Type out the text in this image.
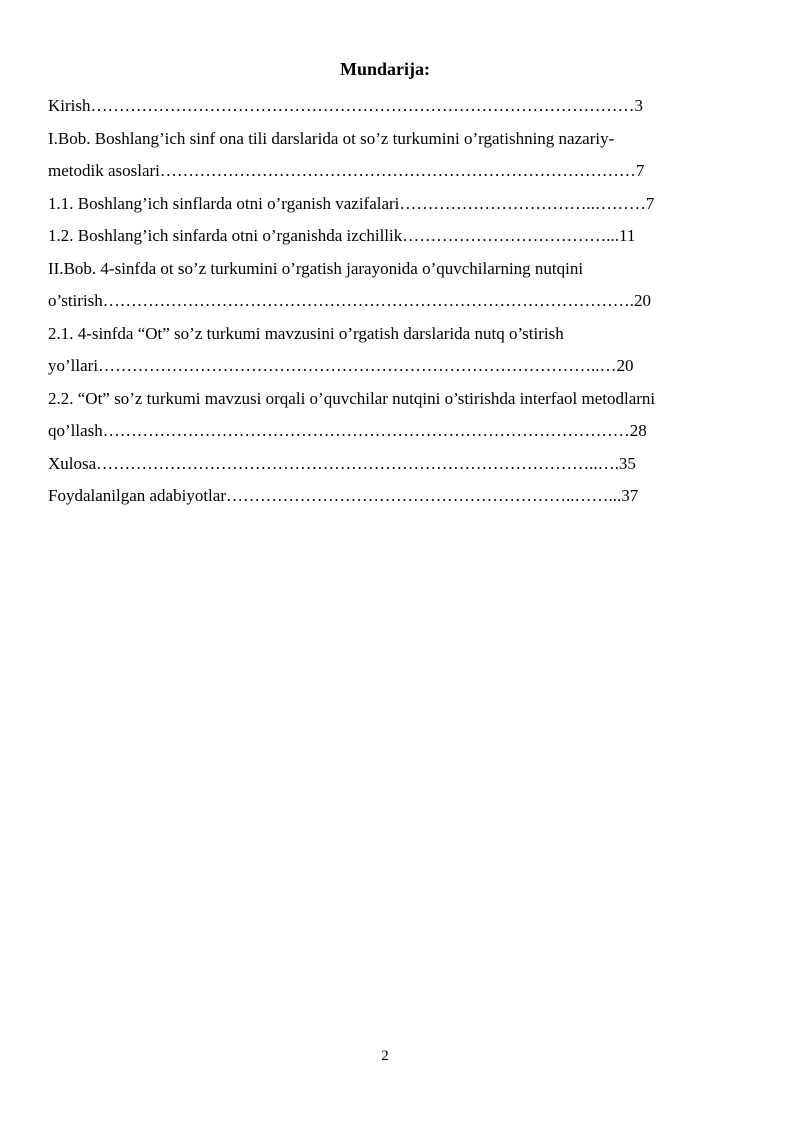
Mundarija:
Kirish……………………………………………………………………………………3
I.Bob. Boshlang’ich sinf ona tili darslarida ot so’z turkumini o’rgatishning nazariy-
metodik asoslari…………………………………………………………………………7
1.1. Boshlang’ich sinflarda otni o’rganish vazifalari……………………………..………7
1.2. Boshlang’ich sinfarda otni o’rganishda izchillik………………………………...11
II.Bob. 4-sinfda ot so’z turkumini o’rgatish jarayonida o’quvchilarning nutqini
o’stirish………………………………………………………………………………….20
2.1. 4-sinfda “Ot” so’z turkumi mavzusini o’rgatish darslarida nutq o’stirish
yo’llari……………………………………………………………………………..…20
2.2. “Ot” so’z turkumi mavzusi orqali o’quvchilar nutqini o’stirishda interfaol metodlarni
qo’llash…………………………………………………………………………………28
Xulosa……………………………………………………………………………..….35
Foydalanilgan adabiyotlar……………………………………………………..……...37
2
